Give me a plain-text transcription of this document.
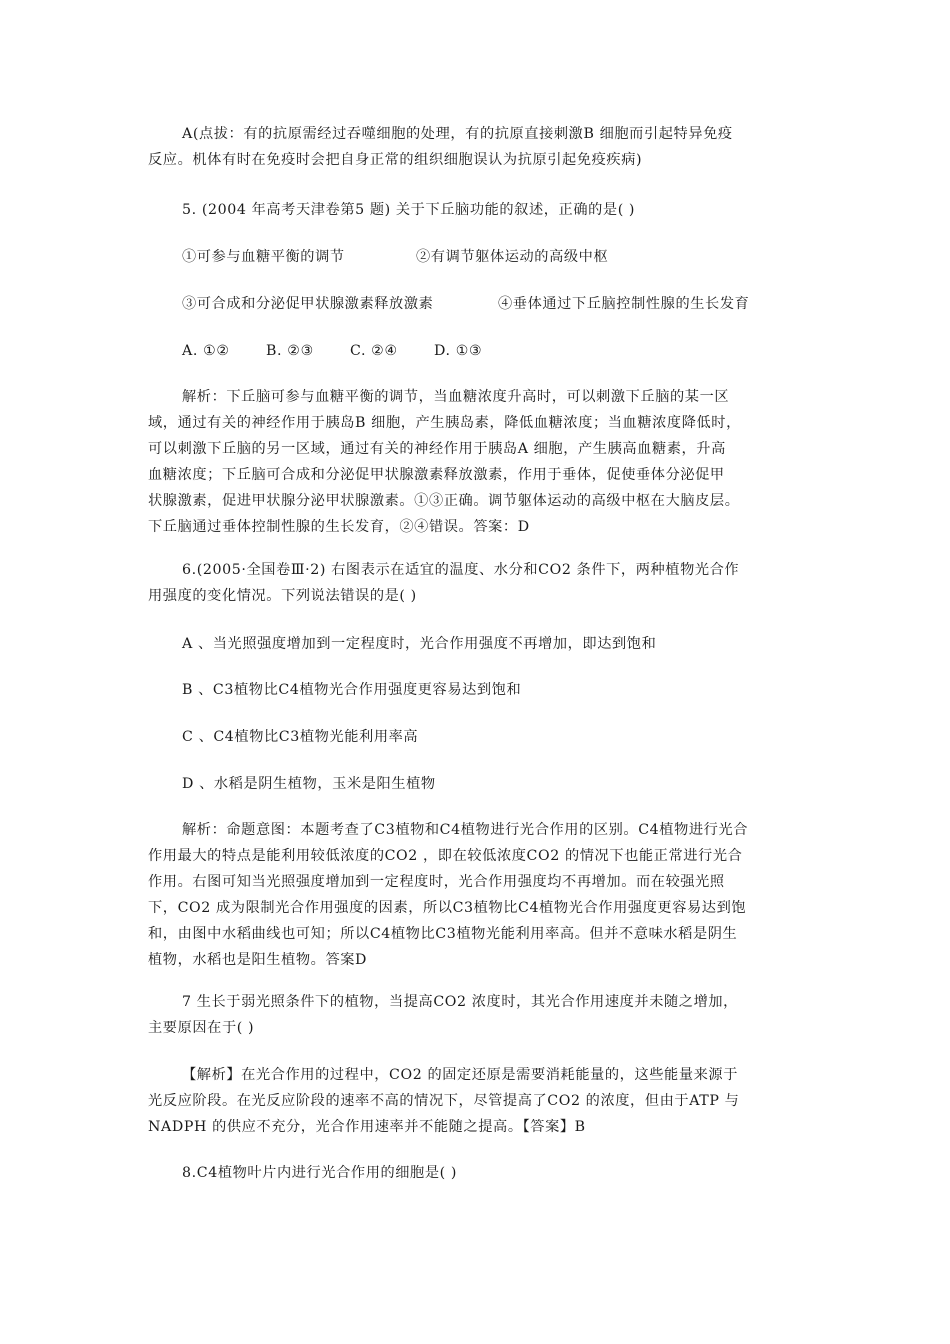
A(点拔：有的抗原需经过吞噬细胞的处理，有的抗原直接刺激B 细胞而引起特异免疫
反应。机体有时在免疫时会把自身正常的组织细胞误认为抗原引起免疫疾病)
5. (2004 年高考天津卷第5 题) 关于下丘脑功能的叙述，正确的是( )
①可参与血糖平衡的调节	②有调节躯体运动的高级中枢
③可合成和分泌促甲状腺激素释放激素	④垂体通过下丘脑控制性腺的生长发育
A. ①②	B. ②③	C. ②④	D. ①③
解析：下丘脑可参与血糖平衡的调节，当血糖浓度升高时，可以刺激下丘脑的某一区
域，通过有关的神经作用于胰岛B 细胞，产生胰岛素，降低血糖浓度；当血糖浓度降低时，
可以刺激下丘脑的另一区域，通过有关的神经作用于胰岛A 细胞，产生胰高血糖素，升高
血糖浓度；下丘脑可合成和分泌促甲状腺激素释放激素，作用于垂体，促使垂体分泌促甲
状腺激素，促进甲状腺分泌甲状腺激素。①③正确。调节躯体运动的高级中枢在大脑皮层。
下丘脑通过垂体控制性腺的生长发育，②④错误。答案：D
6.(2005·全国卷Ⅲ·2) 右图表示在适宜的温度、水分和CO2 条件下，两种植物光合作
用强度的变化情况。下列说法错误的是( )
A 、当光照强度增加到一定程度时，光合作用强度不再增加，即达到饱和
B 、C3植物比C4植物光合作用强度更容易达到饱和
C 、C4植物比C3植物光能利用率高
D 、水稻是阴生植物，玉米是阳生植物
解析：命题意图：本题考查了C3植物和C4植物进行光合作用的区别。C4植物进行光合
作用最大的特点是能利用较低浓度的CO2 ，即在较低浓度CO2 的情况下也能正常进行光合
作用。右图可知当光照强度增加到一定程度时，光合作用强度均不再增加。而在较强光照
下，CO2 成为限制光合作用强度的因素，所以C3植物比C4植物光合作用强度更容易达到饱
和，由图中水稻曲线也可知；所以C4植物比C3植物光能利用率高。但并不意味水稻是阴生
植物，水稻也是阳生植物。答案D
7 生长于弱光照条件下的植物，当提高CO2 浓度时，其光合作用速度并未随之增加，
主要原因在于( )
【解析】在光合作用的过程中，CO2 的固定还原是需要消耗能量的，这些能量来源于
光反应阶段。在光反应阶段的速率不高的情况下，尽管提高了CO2 的浓度，但由于ATP 与
NADPH 的供应不充分，光合作用速率并不能随之提高。【答案】B
8.C4植物叶片内进行光合作用的细胞是( )
